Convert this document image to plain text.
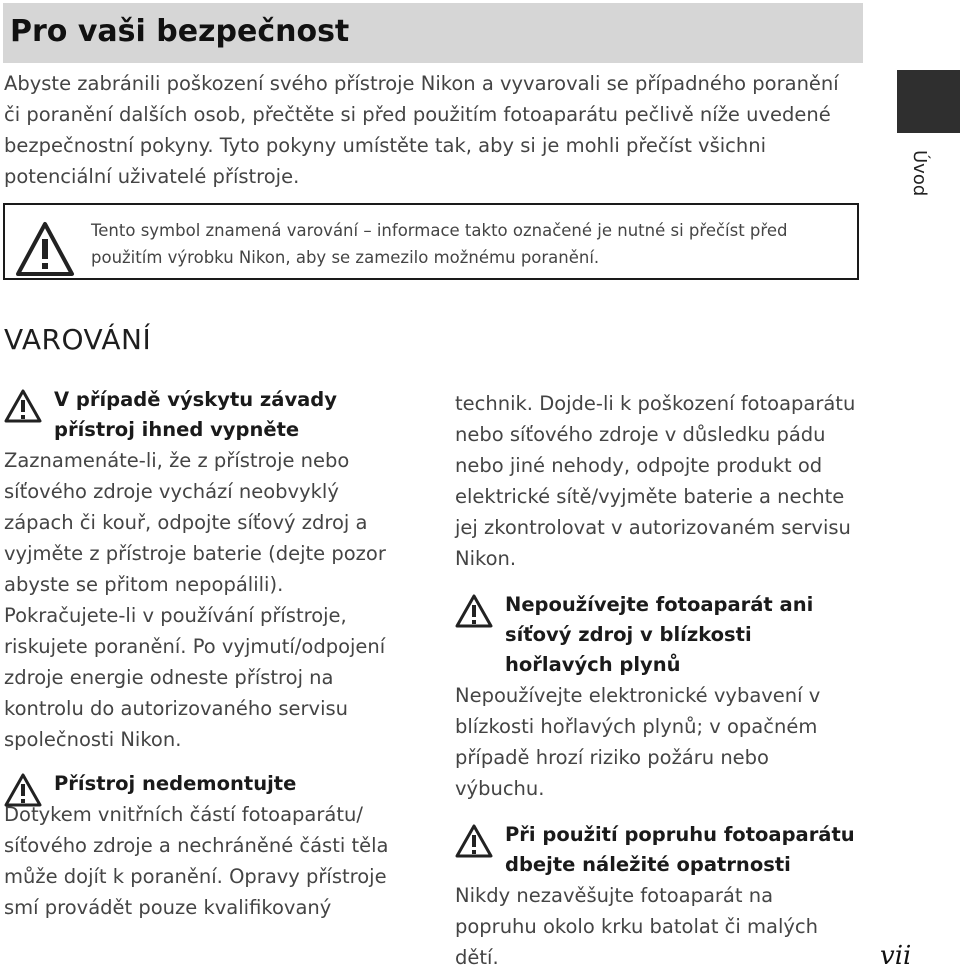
Pro vaši bezpečnost

Abyste zabránili poškození svého přístroje Nikon a vyvarovali se případného poranění či poranění dalších osob, přečtěte si před použitím fotoaparátu pečlivě níže uvedené bezpečnostní pokyny. Tyto pokyny umístěte tak, aby si je mohli přečíst všichni potenciální uživatelé přístroje.	Úvod

Tento symbol znamená varování – informace takto označené je nutné si přečíst před použitím výrobku Nikon, aby se zamezilo možnému poranění.

VAROVÁNÍ

V případě výskytu závady přístroj ihned vypněte

Zaznamenáte-li, že z přístroje nebo síťového zdroje vychází neobvyklý zápach či kouř, odpojte síťový zdroj a vyjměte z přístroje baterie (dejte pozor abyste se přitom nepopálili). Pokračujete-li v používání přístroje, riskujete poranění. Po vyjmutí/odpojení zdroje energie odneste přístroj na kontrolu do autorizovaného servisu společnosti Nikon.

Přístroj nedemontujte

Dotykem vnitřních částí fotoaparátu/ síťového zdroje a nechráněné části těla může dojít k poranění. Opravy přístroje smí provádět pouze kvalifikovaný

technik. Dojde-li k poškození fotoaparátu nebo síťového zdroje v důsledku pádu nebo jiné nehody, odpojte produkt od elektrické sítě/vyjměte baterie a nechte jej zkontrolovat v autorizovaném servisu Nikon.

Nepoužívejte fotoaparát ani síťový zdroj v blízkosti hořlavých plynů

Nepoužívejte elektronické vybavení v blízkosti hořlavých plynů; v opačném případě hrozí riziko požáru nebo výbuchu.

Při použití popruhu fotoaparátu dbejte náležité opatrnosti

Nikdy nezavěšujte fotoaparát na popruhu okolo krku batolat či malých dětí.	vii
